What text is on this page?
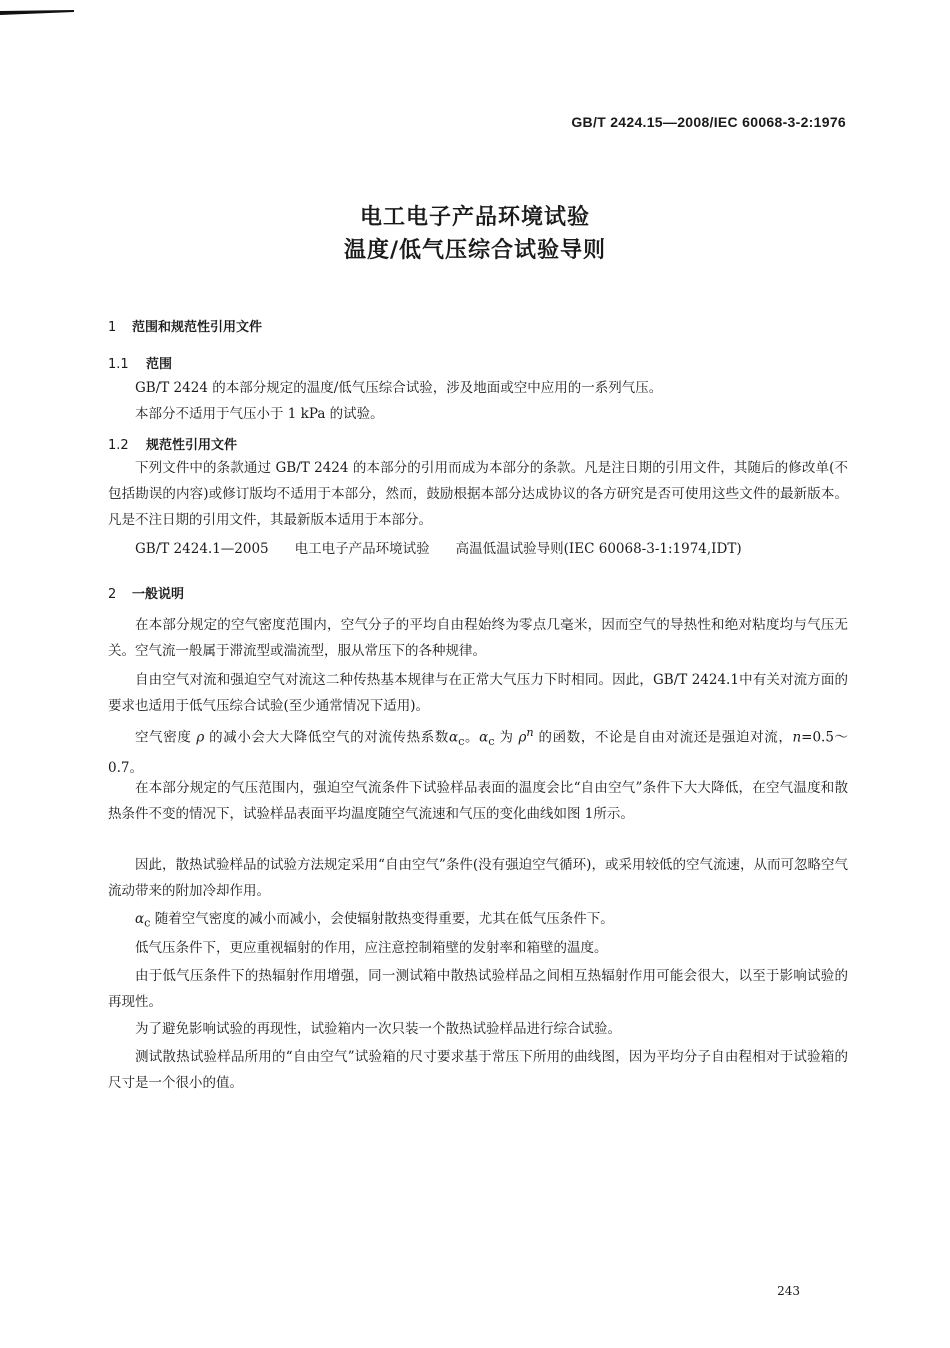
GB/T 2424.15—2008/IEC 60068-3-2:1976
电工电子产品环境试验
温度/低气压综合试验导则
1 范围和规范性引用文件
1.1 范围

GB/T 2424 的本部分规定的温度/低气压综合试验，涉及地面或空中应用的一系列气压。

本部分不适用于气压小于 1 kPa 的试验。

1.2 规范性引用文件

下列文件中的条款通过 GB/T 2424 的本部分的引用而成为本部分的条款。凡是注日期的引用文件，其随后的修改单(不包括勘误的内容)或修订版均不适用于本部分，然而，鼓励根据本部分达成协议的各方研究是否可使用这些文件的最新版本。凡是不注日期的引用文件，其最新版本适用于本部分。

GB/T 2424.1—2005 电工电子产品环境试验 高温低温试验导则(IEC 60068-3-1:1974,IDT)
2 一般说明

在本部分规定的空气密度范围内，空气分子的平均自由程始终为零点几毫米，因而空气的导热性和绝对粘度均与气压无关。空气流一般属于滞流型或湍流型，服从常压下的各种规律。

自由空气对流和强迫空气对流这二种传热基本规律与在正常大气压力下时相同。因此，GB/T 2424.1中有关对流方面的要求也适用于低气压综合试验(至少通常情况下适用)。

空气密度 ρ 的减小会大大降低空气的对流传热系数$\alpha_c$。$\alpha_c$ 为 $\rho^n$ 的函数，不论是自由对流还是强迫对流，n=0.5～0.7。

在本部分规定的气压范围内，强迫空气流条件下试验样品表面的温度会比“自由空气”条件下大大降低，在空气温度和散热条件不变的情况下，试验样品表面平均温度随空气流速和气压的变化曲线如图 1所示。

因此，散热试验样品的试验方法规定采用“自由空气”条件(没有强迫空气循环)，或采用较低的空气流速，从而可忽略空气流动带来的附加冷却作用。

$\alpha_c$ 随着空气密度的减小而减小，会使辐射散热变得重要，尤其在低气压条件下。

低气压条件下，更应重视辐射的作用，应注意控制箱壁的发射率和箱壁的温度。

由于低气压条件下的热辐射作用增强，同一测试箱中散热试验样品之间相互热辐射作用可能会很大，以至于影响试验的再现性。

为了避免影响试验的再现性，试验箱内一次只装一个散热试验样品进行综合试验。

测试散热试验样品所用的“自由空气”试验箱的尺寸要求基于常压下所用的曲线图，因为平均分子自由程相对于试验箱的尺寸是一个很小的值。

243
